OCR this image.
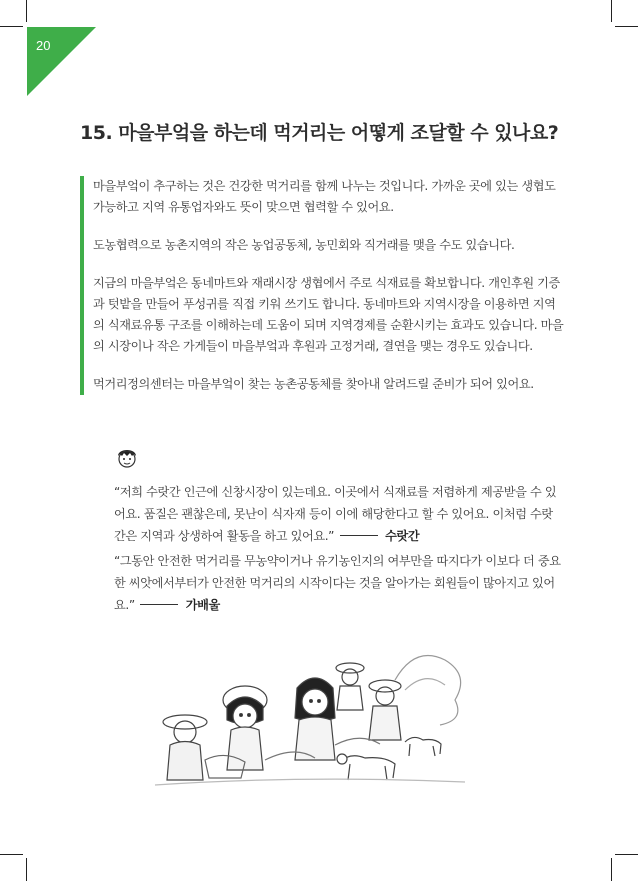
20
15. 마을부엌을 하는데 먹거리는 어떻게 조달할 수 있나요?

마을부엌이 추구하는 것은 건강한 먹거리를 함께 나누는 것입니다. 가까운 곳에 있는 생협도 가능하고 지역 유통업자와도 뜻이 맞으면 협력할 수 있어요.

도농협력으로 농촌지역의 작은 농업공동체, 농민회와 직거래를 맺을 수도 있습니다.

지금의 마을부엌은 동네마트와 재래시장 생협에서 주로 식재료를 확보합니다. 개인후원 기증과 텃밭을 만들어 푸성귀를 직접 키워 쓰기도 합니다. 동네마트와 지역시장을 이용하면 지역의 식재료유통 구조를 이해하는데 도움이 되며 지역경제를 순환시키는 효과도 있습니다. 마을의 시장이나 작은 가게들이 마을부엌과 후원과 고정거래, 결연을 맺는 경우도 있습니다.

먹거리정의센터는 마을부엌이 찾는 농촌공동체를 찾아내 알려드릴 준비가 되어 있어요.

“저희 수랏간 인근에 신창시장이 있는데요. 이곳에서 식재료를 저렴하게 제공받을 수 있어요. 품질은 괜찮은데, 못난이 식자재 등이 이에 해당한다고 할 수 있어요. 이처럼 수랏간은 지역과 상생하여 활동을 하고 있어요.”	수랏간

“그동안 안전한 먹거리를 무농약이거나 유기농인지의 여부만을 따지다가 이보다 더 중요한 씨앗에서부터가 안전한 먹거리의 시작이다는 것을 알아가는 회원들이 많아지고 있어요.”	가배울
